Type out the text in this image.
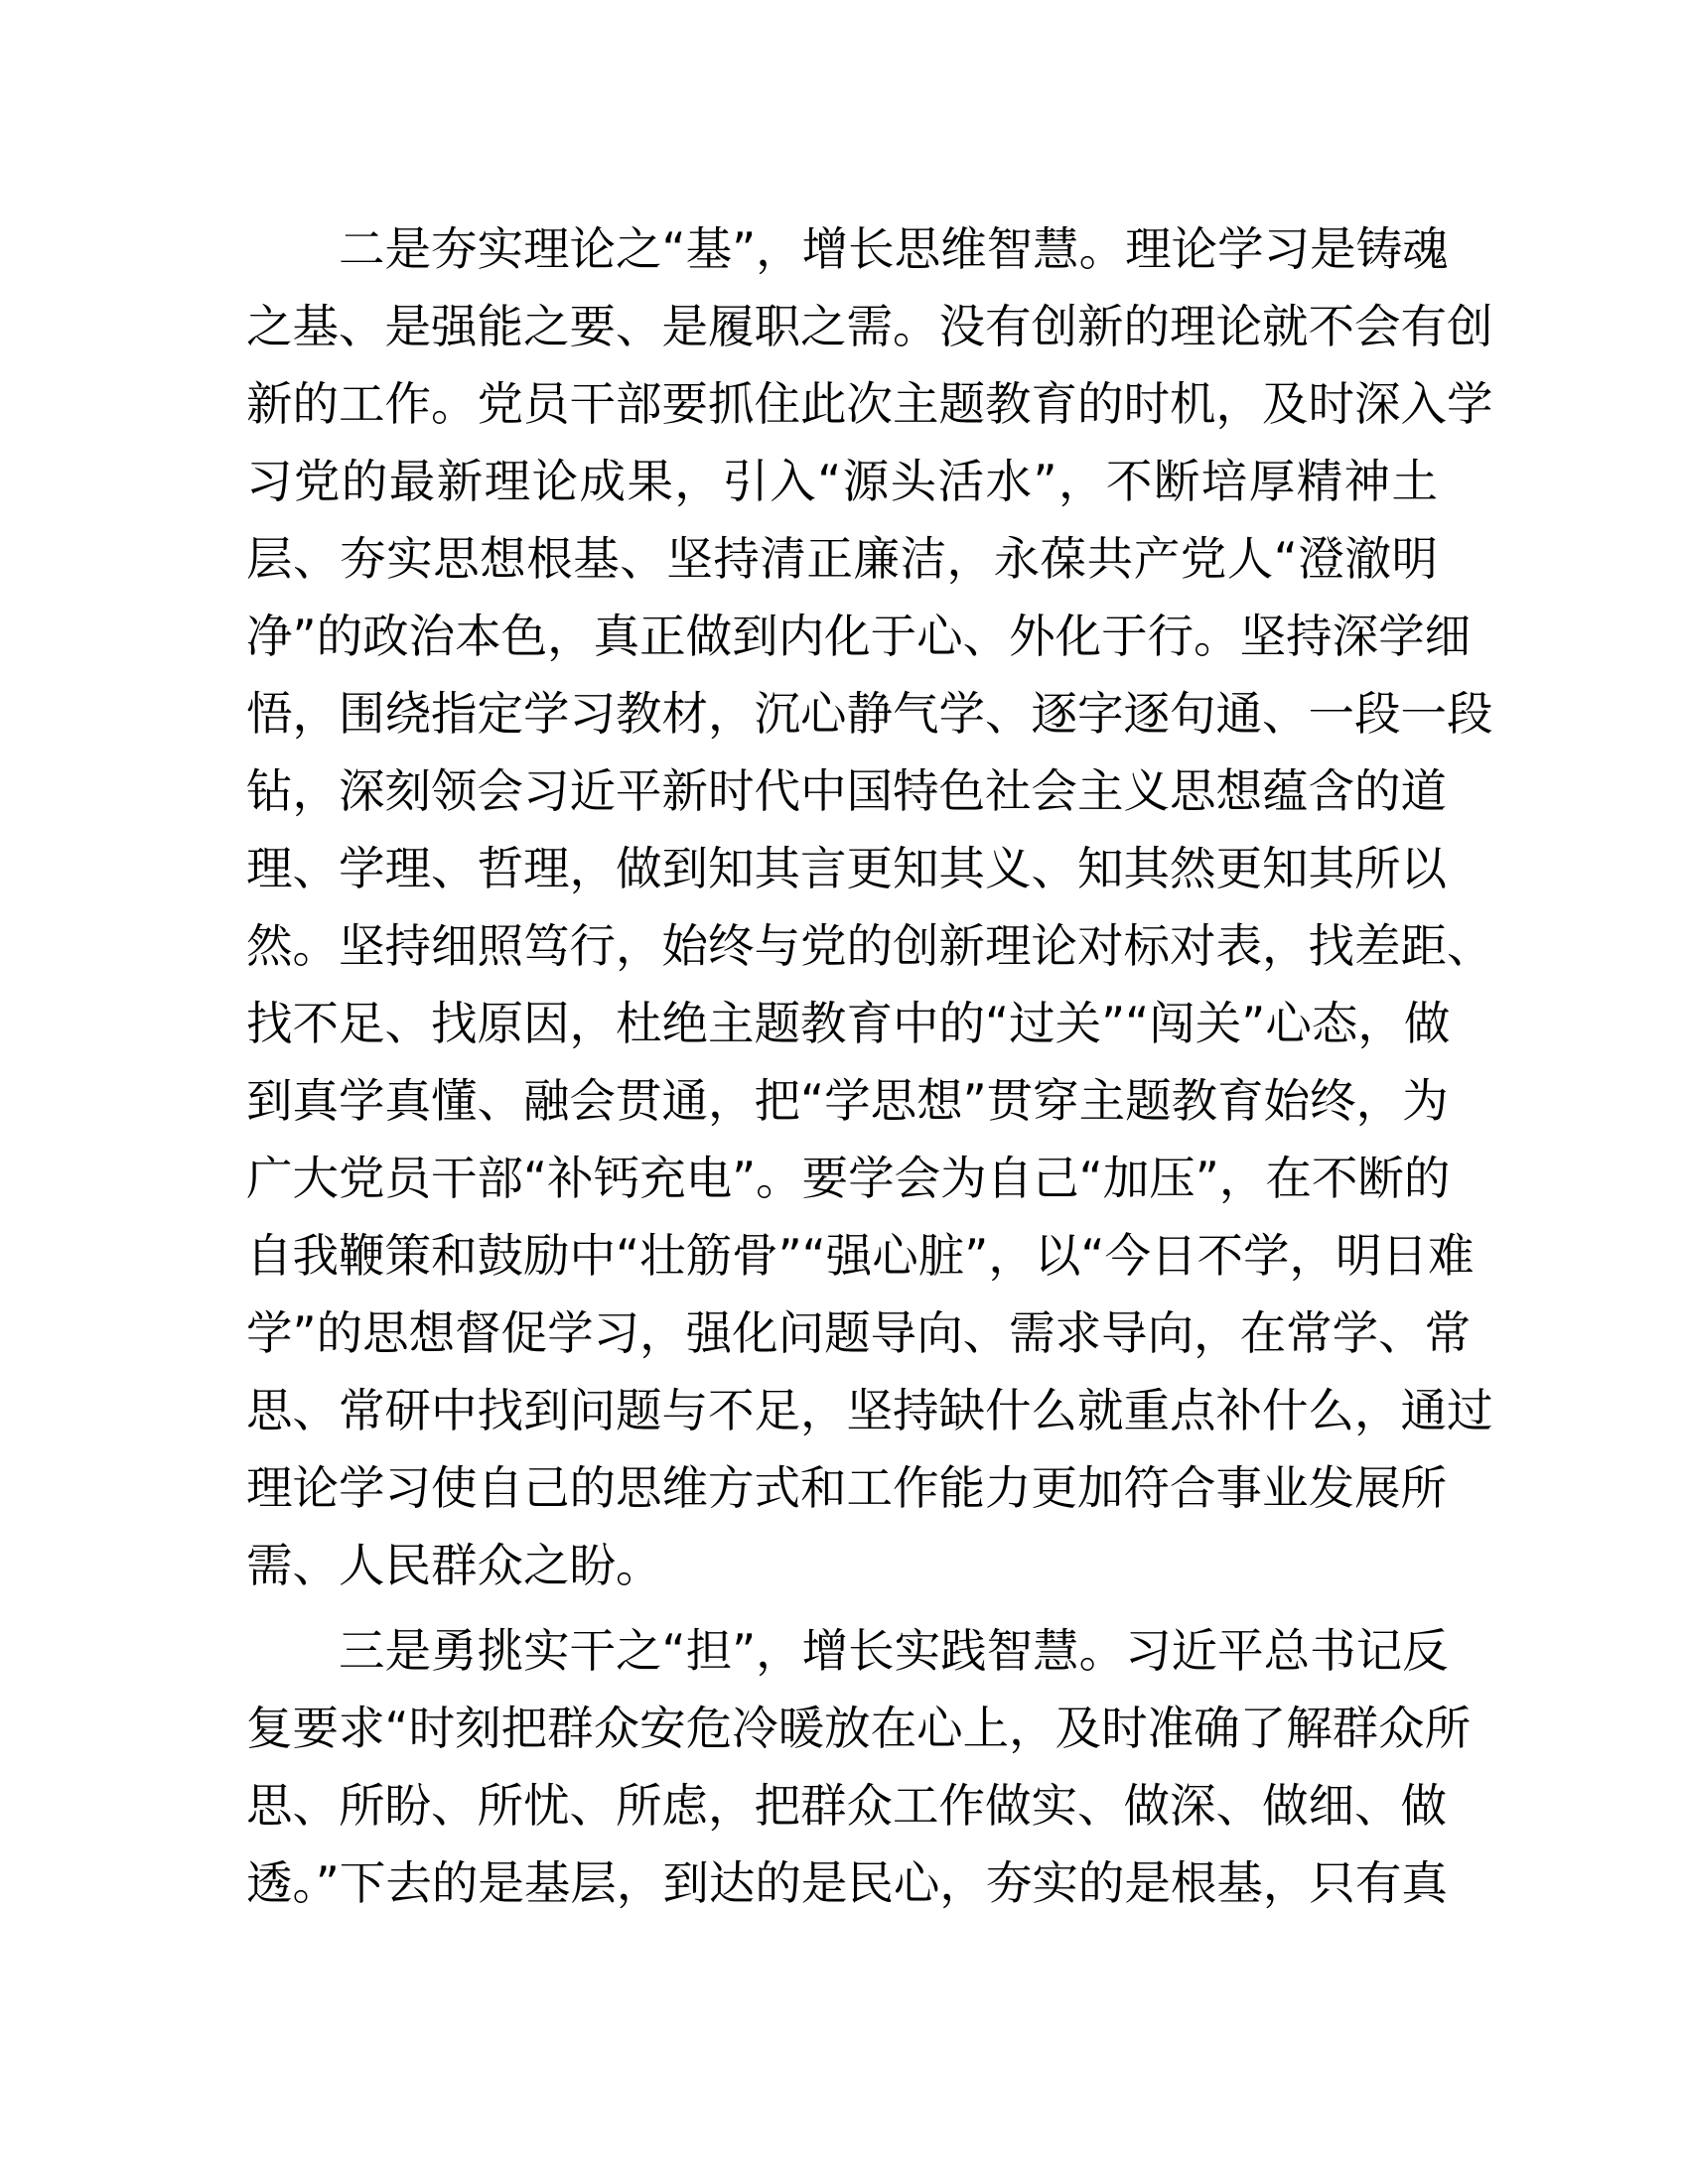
二是夯实理论之“基”，增长思维智慧。理论学习是铸魂
之基、是强能之要、是履职之需。没有创新的理论就不会有创
新的工作。党员干部要抓住此次主题教育的时机，及时深入学
习党的最新理论成果，引入“源头活水”，不断培厚精神土
层、夯实思想根基、坚持清正廉洁，永葆共产党人“澄澈明
净”的政治本色，真正做到内化于心、外化于行。坚持深学细
悟，围绕指定学习教材，沉心静气学、逐字逐句通、一段一段
钻，深刻领会习近平新时代中国特色社会主义思想蕴含的道
理、学理、哲理，做到知其言更知其义、知其然更知其所以
然。坚持细照笃行，始终与党的创新理论对标对表，找差距、
找不足、找原因，杜绝主题教育中的“过关”“闯关”心态，做
到真学真懂、融会贯通，把“学思想”贯穿主题教育始终，为
广大党员干部“补钙充电”。要学会为自己“加压”，在不断的
自我鞭策和鼓励中“壮筋骨”“强心脏”，以“今日不学，明日难
学”的思想督促学习，强化问题导向、需求导向，在常学、常
思、常研中找到问题与不足，坚持缺什么就重点补什么，通过
理论学习使自己的思维方式和工作能力更加符合事业发展所
需、人民群众之盼。
三是勇挑实干之“担”，增长实践智慧。习近平总书记反
复要求“时刻把群众安危冷暖放在心上，及时准确了解群众所
思、所盼、所忧、所虑，把群众工作做实、做深、做细、做
透。”下去的是基层，到达的是民心，夯实的是根基，只有真
